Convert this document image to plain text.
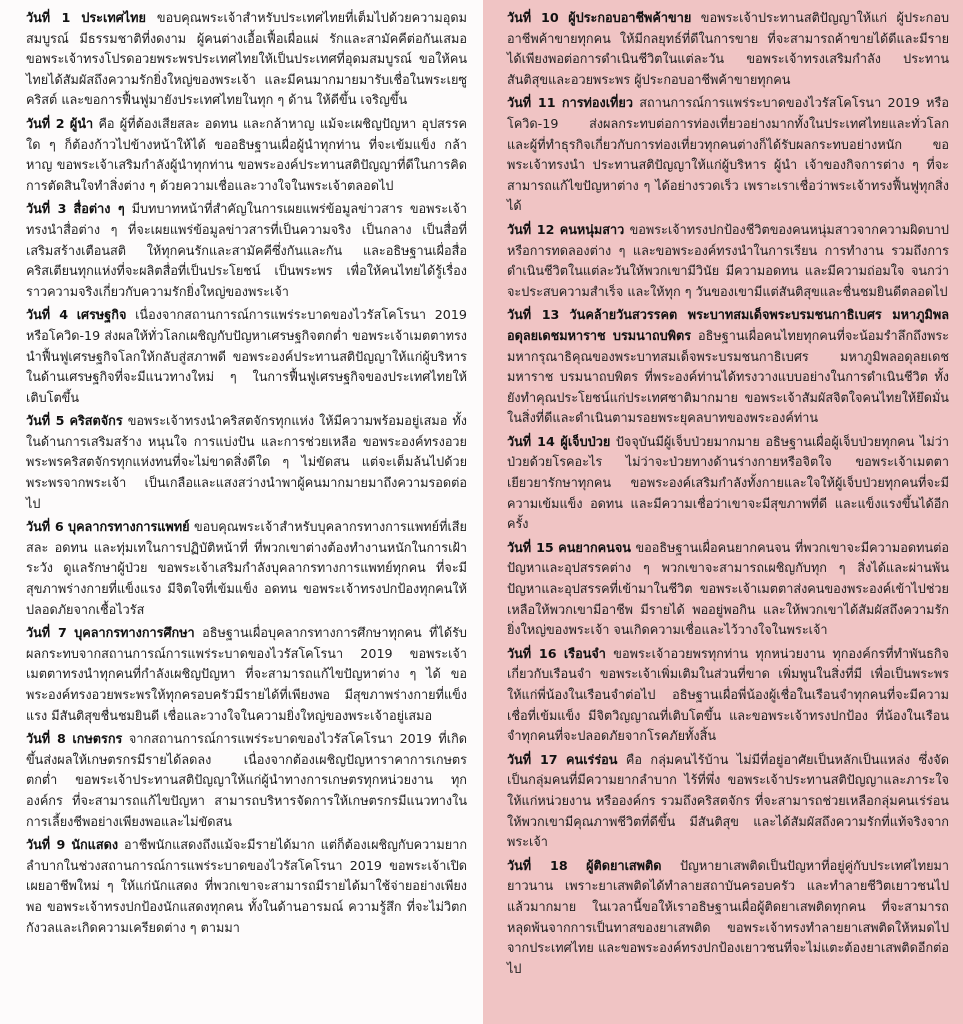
วันที่ 1 ประเทศไทย ขอบคุณพระเจ้าสำหรับประเทศไทยที่เต็มไปด้วยความอุดมสมบูรณ์ มีธรรมชาติที่งดงาม ผู้คนต่างเอื้อเฟื้อเผื่อแผ่ รักและสามัคคีต่อกันเสมอ ขอพระเจ้าทรงโปรดอวยพระพรประเทศไทยให้เป็นประเทศที่อุดมสมบูรณ์ ขอให้คนไทยได้สัมผัสถึงความรักยิ่งใหญ่ของพระเจ้า และมีคนมากมายมารับเชื่อในพระเยซูคริสต์ และขอการฟื้นฟูมายังประเทศไทยในทุก ๆ ด้าน ให้ดีขึ้น เจริญขึ้น

วันที่ 2 ผู้นำ คือ ผู้ที่ต้องเสียสละ อดทน และกล้าหาญ แม้จะเผชิญปัญหา อุปสรรคใด ๆ ก็ต้องก้าวไปข้างหน้าให้ได้ ขออธิษฐานเผื่อผู้นำทุกท่าน ที่จะเข้มแข็ง กล้าหาญ ขอพระเจ้าเสริมกำลังผู้นำทุกท่าน ขอพระองค์ประทานสติปัญญาที่ดีในการคิด การตัดสินใจทำสิ่งต่าง ๆ ด้วยความเชื่อและวางใจในพระเจ้าตลอดไป

วันที่ 3 สื่อต่าง ๆ มีบทบาทหน้าที่สำคัญในการเผยแพร่ข้อมูลข่าวสาร ขอพระเจ้าทรงนำสื่อต่าง ๆ ที่จะเผยแพร่ข้อมูลข่าวสารที่เป็นความจริง เป็นกลาง เป็นสื่อที่เสริมสร้างเตือนสติ ให้ทุกคนรักและสามัคคีซึ่งกันและกัน และอธิษฐานเผื่อสื่อคริสเตียนทุกแห่งที่จะผลิตสื่อที่เป็นประโยชน์ เป็นพระพร เพื่อให้คนไทยได้รู้เรื่องราวความจริงเกี่ยวกับความรักยิ่งใหญ่ของพระเจ้า

วันที่ 4 เศรษฐกิจ เนื่องจากสถานการณ์การแพร่ระบาดของไวรัสโคโรนา 2019 หรือโควิด-19 ส่งผลให้ทั่วโลกเผชิญกับปัญหาเศรษฐกิจตกต่ำ ขอพระเจ้าเมตตาทรงนำฟื้นฟูเศรษฐกิจโลกให้กลับสู่สภาพดี ขอพระองค์ประทานสติปัญญาให้แก่ผู้บริหารในด้านเศรษฐกิจที่จะมีแนวทางใหม่ ๆ ในการฟื้นฟูเศรษฐกิจของประเทศไทยให้เติบโตขึ้น

วันที่ 5 คริสตจักร ขอพระเจ้าทรงนำคริสตจักรทุกแห่ง ให้มีความพร้อมอยู่เสมอ ทั้งในด้านการเสริมสร้าง หนุนใจ การแบ่งปัน และการช่วยเหลือ ขอพระองค์ทรงอวยพระพรคริสตจักรทุกแห่งทนที่จะไม่ขาดสิ่งดีใด ๆ ไม่ขัดสน แต่จะเต็มล้นไปด้วยพระพรจากพระเจ้า เป็นเกลือและแสงสว่างนำพาผู้คนมากมายมาถึงความรอดต่อไป

วันที่ 6 บุคลากรทางการแพทย์ ขอบคุณพระเจ้าสำหรับบุคลากรทางการแพทย์ที่เสียสละ อดทน และทุ่มเทในการปฏิบัติหน้าที่ ที่พวกเขาต่างต้องทำงานหนักในการเฝ้าระวัง ดูแลรักษาผู้ป่วย ขอพระเจ้าเสริมกำลังบุคลากรทางการแพทย์ทุกคน ที่จะมีสุขภาพร่างกายที่แข็งแรง มีจิตใจที่เข้มแข็ง อดทน ขอพระเจ้าทรงปกป้องทุกคนให้ปลอดภัยจากเชื้อไวรัส

วันที่ 7 บุคลากรทางการศึกษา อธิษฐานเผื่อบุคลากรทางการศึกษาทุกคน ที่ได้รับผลกระทบจากสถานการณ์การแพร่ระบาดของไวรัสโคโรนา 2019 ขอพระเจ้าเมตตาทรงนำทุกคนที่กำลังเผชิญปัญหา ที่จะสามารถแก้ไขปัญหาต่าง ๆ ได้ ขอพระองค์ทรงอวยพระพรให้ทุกครอบครัวมีรายได้ที่เพียงพอ มีสุขภาพร่างกายที่แข็งแรง มีสันติสุขชื่นชมยินดี เชื่อและวางใจในความยิ่งใหญ่ของพระเจ้าอยู่เสมอ

วันที่ 8 เกษตรกร จากสถานการณ์การแพร่ระบาดของไวรัสโคโรนา 2019 ที่เกิดขึ้นส่งผลให้เกษตรกรมีรายได้ลดลง เนื่องจากต้องเผชิญปัญหาราคาการเกษตรตกต่ำ ขอพระเจ้าประทานสติปัญญาให้แก่ผู้นำทางการเกษตรทุกหน่วยงาน ทุกองค์กร ที่จะสามารถแก้ไขปัญหา สามารถบริหารจัดการให้เกษตรกรมีแนวทางในการเลี้ยงชีพอย่างเพียงพอและไม่ขัดสน

วันที่ 9 นักแสดง อาชีพนักแสดงถึงแม้จะมีรายได้มาก แต่ก็ต้องเผชิญกับความยากลำบากในช่วงสถานการณ์การแพร่ระบาดของไวรัสโคโรนา 2019 ขอพระเจ้าเปิดเผยอาชีพใหม่ ๆ ให้แก่นักแสดง ที่พวกเขาจะสามารถมีรายได้มาใช้จ่ายอย่างเพียงพอ ขอพระเจ้าทรงปกป้องนักแสดงทุกคน ทั้งในด้านอารมณ์ ความรู้สึก ที่จะไม่วิตกกังวลและเกิดความเครียดต่าง ๆ ตามมา

วันที่ 10 ผู้ประกอบอาชีพค้าขาย ขอพระเจ้าประทานสติปัญญาให้แก่ ผู้ประกอบอาชีพค้าขายทุกคน ให้มีกลยุทธ์ที่ดีในการขาย ที่จะสามารถค้าขายได้ดีและมีรายได้เพียงพอต่อการดำเนินชีวิตในแต่ละวัน ขอพระเจ้าทรงเสริมกำลัง ประทานสันติสุขและอวยพระพร ผู้ประกอบอาชีพค้าขายทุกคน

วันที่ 11 การท่องเที่ยว สถานการณ์การแพร่ระบาดของไวรัสโคโรนา 2019 หรือโควิด-19 ส่งผลกระทบต่อการท่องเที่ยวอย่างมากทั้งในประเทศไทยและทั่วโลก และผู้ที่ทำธุรกิจเกี่ยวกับการท่องเที่ยวทุกคนต่างก็ได้รับผลกระทบอย่างหนัก ขอพระเจ้าทรงนำ ประทานสติปัญญาให้แก่ผู้บริหาร ผู้นำ เจ้าของกิจการต่าง ๆ ที่จะสามารถแก้ไขปัญหาต่าง ๆ ได้อย่างรวดเร็ว เพราะเราเชื่อว่าพระเจ้าทรงฟื้นฟูทุกสิ่งได้

วันที่ 12 คนหนุ่มสาว ขอพระเจ้าทรงปกป้องชีวิตของคนหนุ่มสาวจากความผิดบาปหรือการทดลองต่าง ๆ และขอพระองค์ทรงนำในการเรียน การทำงาน รวมถึงการดำเนินชีวิตในแต่ละวันให้พวกเขามีวินัย มีความอดทน และมีความถ่อมใจ จนกว่าจะประสบความสำเร็จ และให้ทุก ๆ วันของเขามีแต่สันติสุขและชื่นชมยินดีตลอดไป

วันที่ 13 วันคล้ายวันสวรรคต พระบาทสมเด็จพระบรมชนกาธิเบศร มหาภูมิพลอดุลยเดชมหาราช บรมนาถบพิตร อธิษฐานเผื่อคนไทยทุกคนที่จะน้อมรำลึกถึงพระมหากรุณาธิคุณของพระบาทสมเด็จพระบรมชนกาธิเบศร มหาภูมิพลอดุลยเดชมหาราช บรมนาถบพิตร ที่พระองค์ท่านได้ทรงวางแบบอย่างในการดำเนินชีวิต ทั้งยังทำคุณประโยชน์แก่ประเทศชาติมากมาย ขอพระเจ้าสัมผัสจิตใจคนไทยให้ยึดมั่นในสิ่งที่ดีและดำเนินตามรอยพระยุคลบาทของพระองค์ท่าน

วันที่ 14 ผู้เจ็บป่วย ปัจจุบันมีผู้เจ็บป่วยมากมาย อธิษฐานเผื่อผู้เจ็บป่วยทุกคน ไม่ว่าป่วยด้วยโรคอะไร ไม่ว่าจะป่วยทางด้านร่างกายหรือจิตใจ ขอพระเจ้าเมตตาเยียวยารักษาทุกคน ขอพระองค์เสริมกำลังทั้งกายและใจให้ผู้เจ็บป่วยทุกคนที่จะมีความเข้มแข็ง อดทน และมีความเชื่อว่าเขาจะมีสุขภาพที่ดี และแข็งแรงขึ้นได้อีกครั้ง

วันที่ 15 คนยากคนจน ขออธิษฐานเผื่อคนยากคนจน ที่พวกเขาจะมีความอดทนต่อปัญหาและอุปสรรคต่าง ๆ พวกเขาจะสามารถเผชิญกับทุก ๆ สิ่งได้และผ่านพ้นปัญหาและอุปสรรคที่เข้ามาในชีวิต ขอพระเจ้าเมตตาส่งคนของพระองค์เข้าไปช่วยเหลือให้พวกเขามีอาชีพ มีรายได้ พออยู่พอกิน และให้พวกเขาได้สัมผัสถึงความรักยิ่งใหญ่ของพระเจ้า จนเกิดความเชื่อและไว้วางใจในพระเจ้า

วันที่ 16 เรือนจำ ขอพระเจ้าอวยพรทุกท่าน ทุกหน่วยงาน ทุกองค์กรที่ทำพันธกิจเกี่ยวกับเรือนจำ ขอพระเจ้าเพิ่มเติมในส่วนที่ขาด เพิ่มพูนในสิ่งที่มี เพื่อเป็นพระพรให้แก่พี่น้องในเรือนจำต่อไป อธิษฐานเผื่อพี่น้องผู้เชื่อในเรือนจำทุกคนที่จะมีความเชื่อที่เข้มแข็ง มีจิตวิญญาณที่เติบโตขึ้น และขอพระเจ้าทรงปกป้อง ที่น้องในเรือนจำทุกคนที่จะปลอดภัยจากโรคภัยทั้งสิ้น

วันที่ 17 คนเร่ร่อน คือ กลุ่มคนไร้บ้าน ไม่มีที่อยู่อาศัยเป็นหลักเป็นแหล่ง ซึ่งจัดเป็นกลุ่มคนที่มีความยากลำบาก ไร้ที่พึ่ง ขอพระเจ้าประทานสติปัญญาและภาระใจให้แก่หน่วยงาน หรือองค์กร รวมถึงคริสตจักร ที่จะสามารถช่วยเหลือกลุ่มคนเร่ร่อน ให้พวกเขามีคุณภาพชีวิตที่ดีขึ้น มีสันติสุข และได้สัมผัสถึงความรักที่แท้จริงจากพระเจ้า

วันที่ 18 ผู้ติดยาเสพติด ปัญหายาเสพติดเป็นปัญหาที่อยู่คู่กับประเทศไทยมายาวนาน เพราะยาเสพติดได้ทำลายสถาบันครอบครัว และทำลายชีวิตเยาวชนไปแล้วมากมาย ในเวลานี้ขอให้เราอธิษฐานเผื่อผู้ติดยาเสพติดทุกคน ที่จะสามารถหลุดพ้นจากการเป็นทาสของยาเสพติด ขอพระเจ้าทรงทำลายยาเสพติดให้หมดไปจากประเทศไทย และขอพระองค์ทรงปกป้องเยาวชนที่จะไม่แตะต้องยาเสพติดอีกต่อไป
